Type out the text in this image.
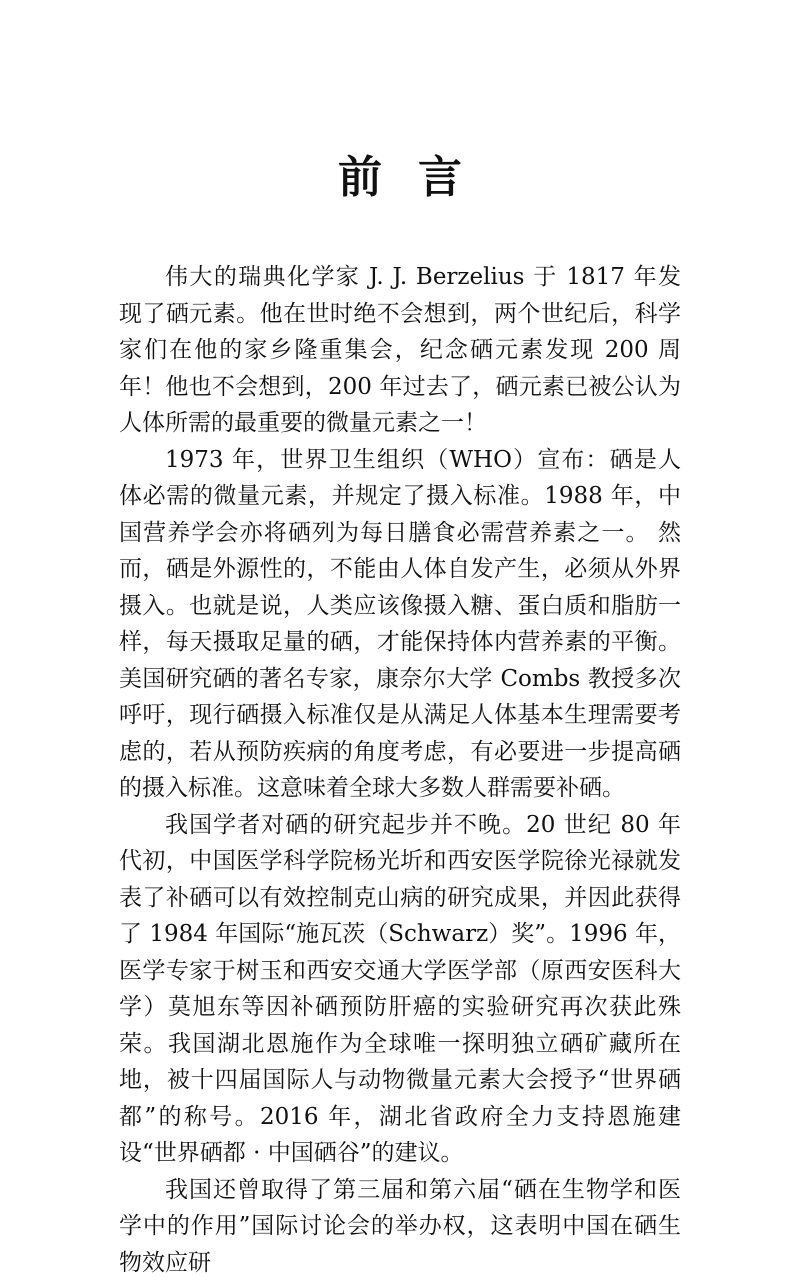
前言

伟大的瑞典化学家 J. J. Berzelius 于 1817 年发现了硒元素。他在世时绝不会想到，两个世纪后，科学家们在他的家乡隆重集会，纪念硒元素发现 200 周年！他也不会想到，200 年过去了，硒元素已被公认为人体所需的最重要的微量元素之一！

1973 年，世界卫生组织（WHO）宣布：硒是人体必需的微量元素，并规定了摄入标准。1988 年，中国营养学会亦将硒列为每日膳食必需营养素之一。 然而，硒是外源性的，不能由人体自发产生，必须从外界摄入。也就是说，人类应该像摄入糖、蛋白质和脂肪一样，每天摄取足量的硒，才能保持体内营养素的平衡。美国研究硒的著名专家，康奈尔大学 Combs 教授多次呼吁，现行硒摄入标准仅是从满足人体基本生理需要考虑的，若从预防疾病的角度考虑，有必要进一步提高硒的摄入标准。这意味着全球大多数人群需要补硒。

我国学者对硒的研究起步并不晚。20 世纪 80 年代初，中国医学科学院杨光圻和西安医学院徐光禄就发表了补硒可以有效控制克山病的研究成果，并因此获得了 1984 年国际“施瓦茨（Schwarz）奖”。1996 年，医学专家于树玉和西安交通大学医学部（原西安医科大学）莫旭东等因补硒预防肝癌的实验研究再次获此殊荣。我国湖北恩施作为全球唯一探明独立硒矿藏所在地，被十四届国际人与动物微量元素大会授予“世界硒都”的称号。2016 年，湖北省政府全力支持恩施建设“世界硒都 · 中国硒谷”的建议。

我国还曾取得了第三届和第六届“硒在生物学和医学中的作用”国际讨论会的举办权，这表明中国在硒生物效应研
